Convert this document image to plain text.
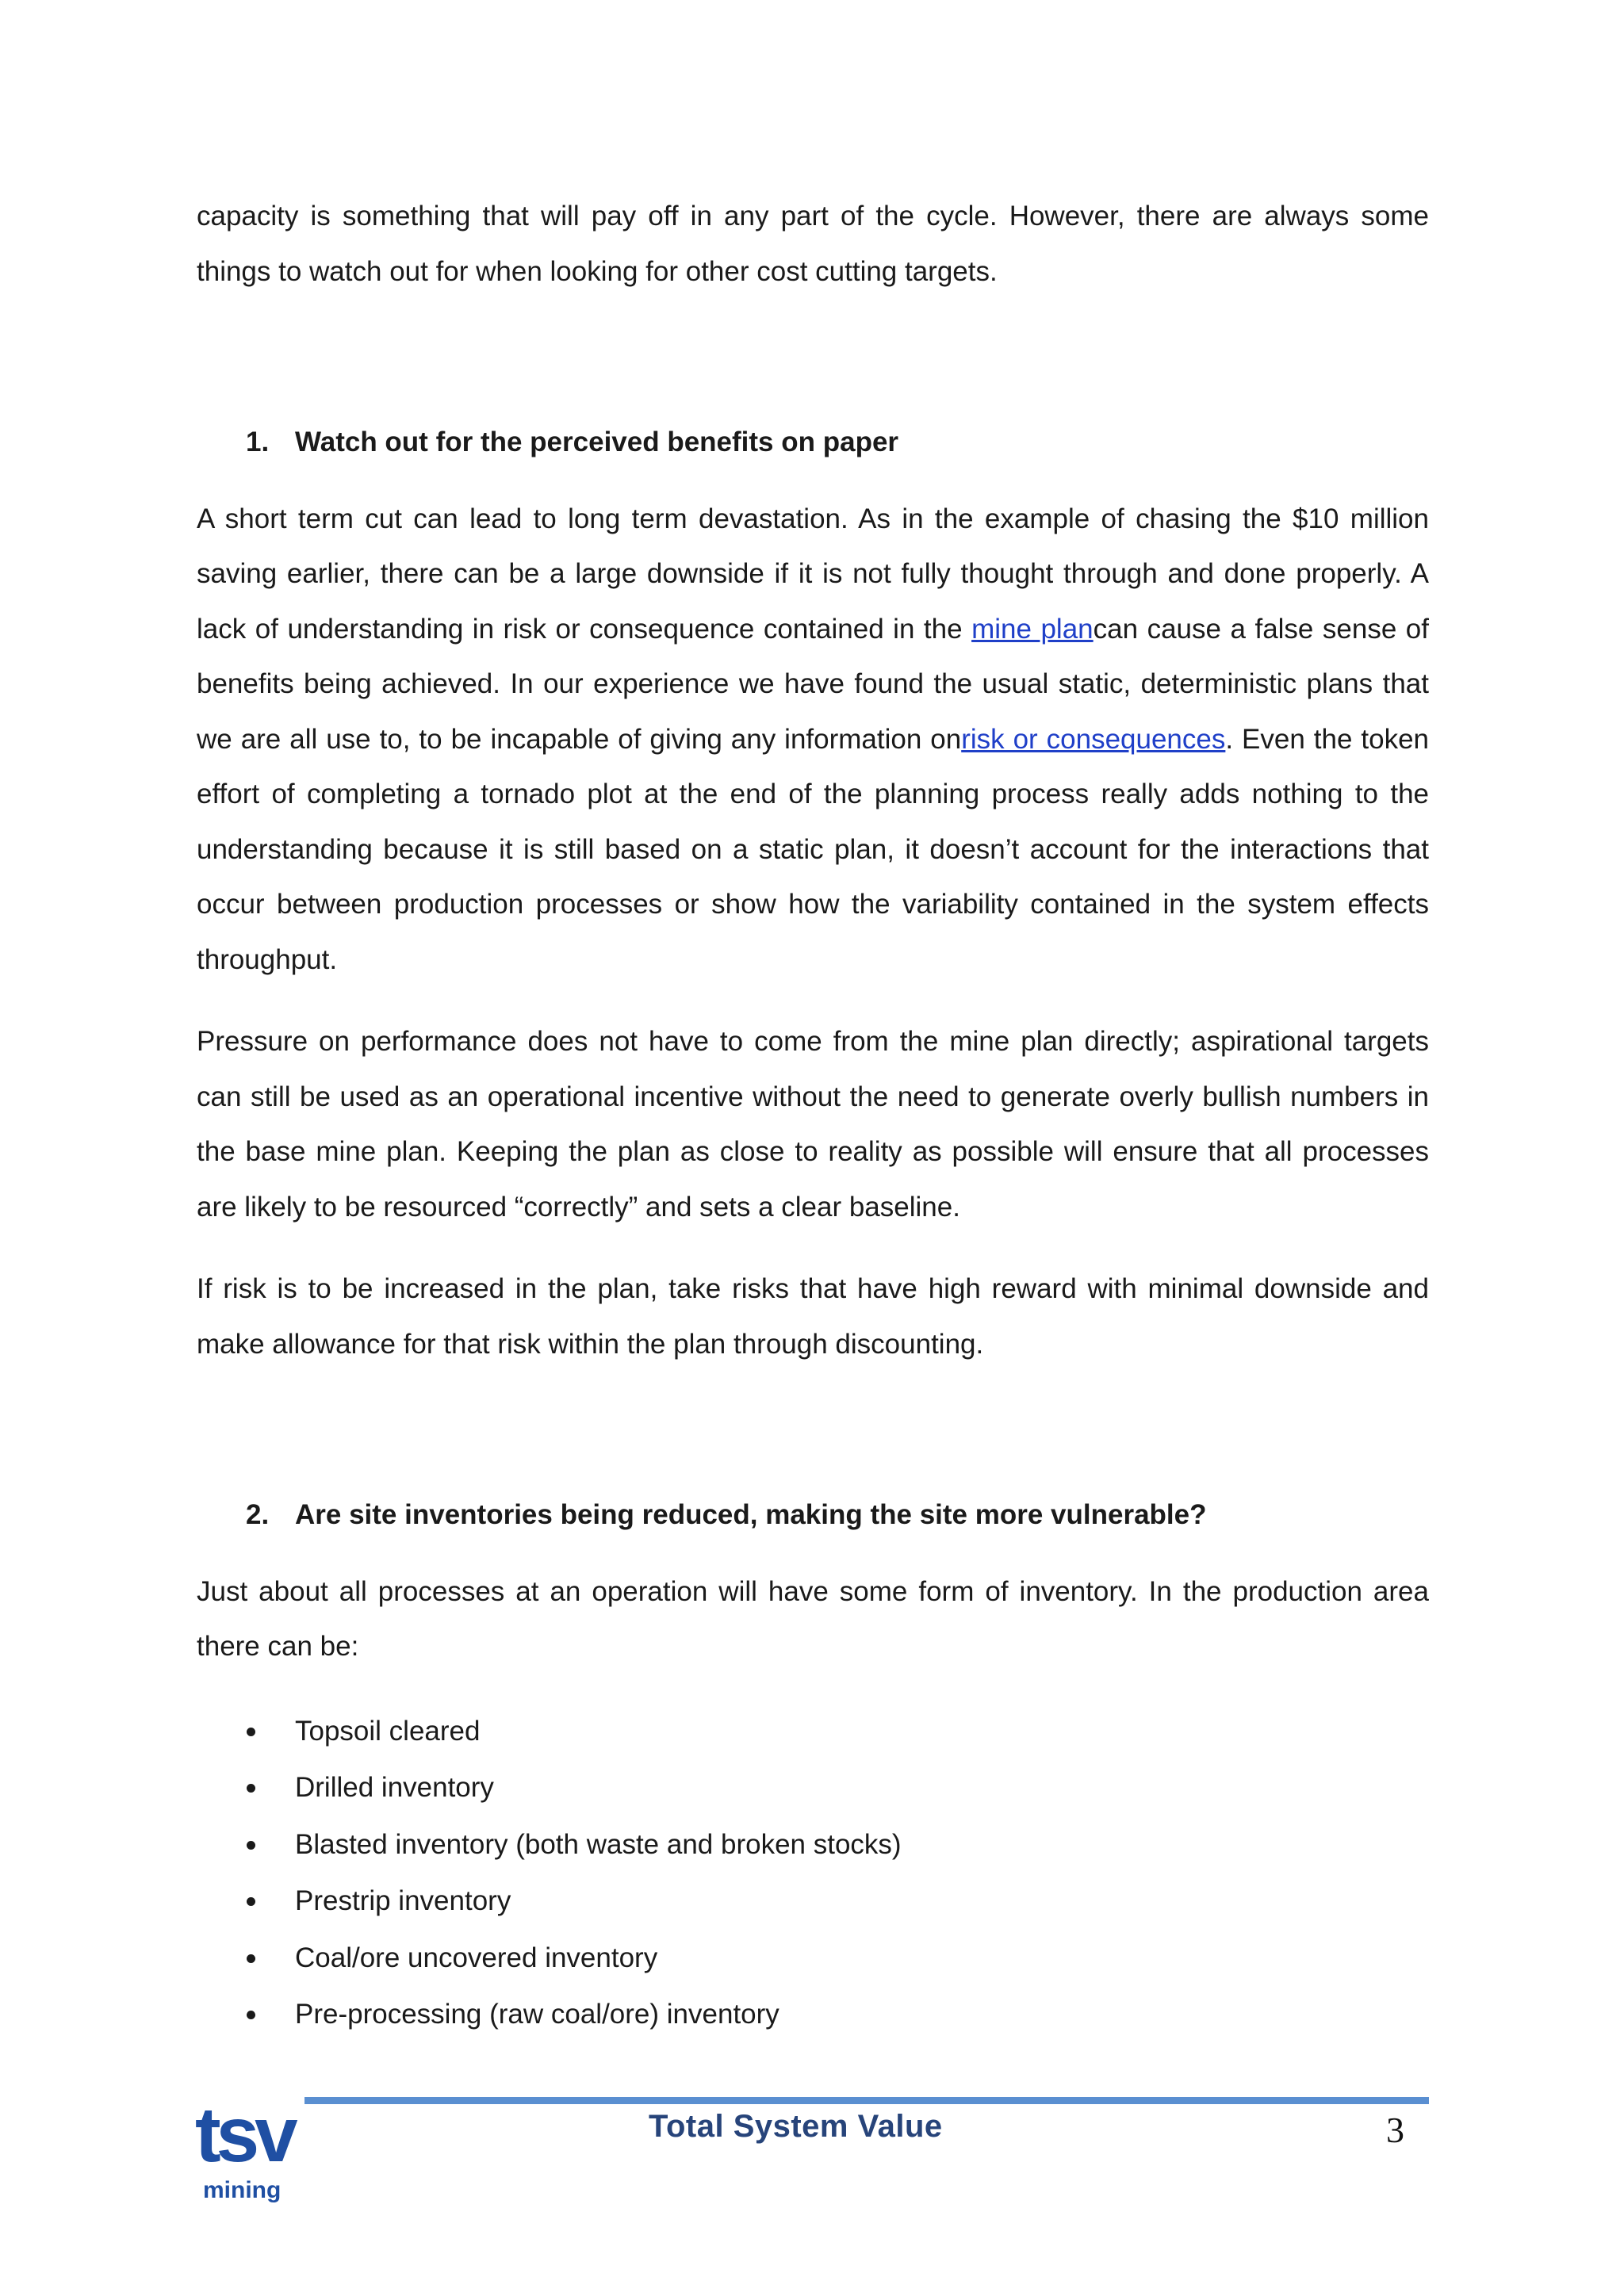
capacity is something that will pay off in any part of the cycle. However, there are always some things to watch out for when looking for other cost cutting targets.

1. Watch out for the perceived benefits on paper

A short term cut can lead to long term devastation. As in the example of chasing the $10 million saving earlier, there can be a large downside if it is not fully thought through and done properly. A lack of understanding in risk or consequence contained in the mine plancan cause a false sense of benefits being achieved. In our experience we have found the usual static, deterministic plans that we are all use to, to be incapable of giving any information onrisk or consequences. Even the token effort of completing a tornado plot at the end of the planning process really adds nothing to the understanding because it is still based on a static plan, it doesn’t account for the interactions that occur between production processes or show how the variability contained in the system effects throughput.

Pressure on performance does not have to come from the mine plan directly; aspirational targets can still be used as an operational incentive without the need to generate overly bullish numbers in the base mine plan. Keeping the plan as close to reality as possible will ensure that all processes are likely to be resourced “correctly” and sets a clear baseline.

If risk is to be increased in the plan, take risks that have high reward with minimal downside and make allowance for that risk within the plan through discounting.

2. Are site inventories being reduced, making the site more vulnerable?

Just about all processes at an operation will have some form of inventory. In the production area there can be:

Topsoil cleared
Drilled inventory
Blasted inventory (both waste and broken stocks)
Prestrip inventory
Coal/ore uncovered inventory
Pre-processing (raw coal/ore) inventory
tsv
mining
Total System Value	3
